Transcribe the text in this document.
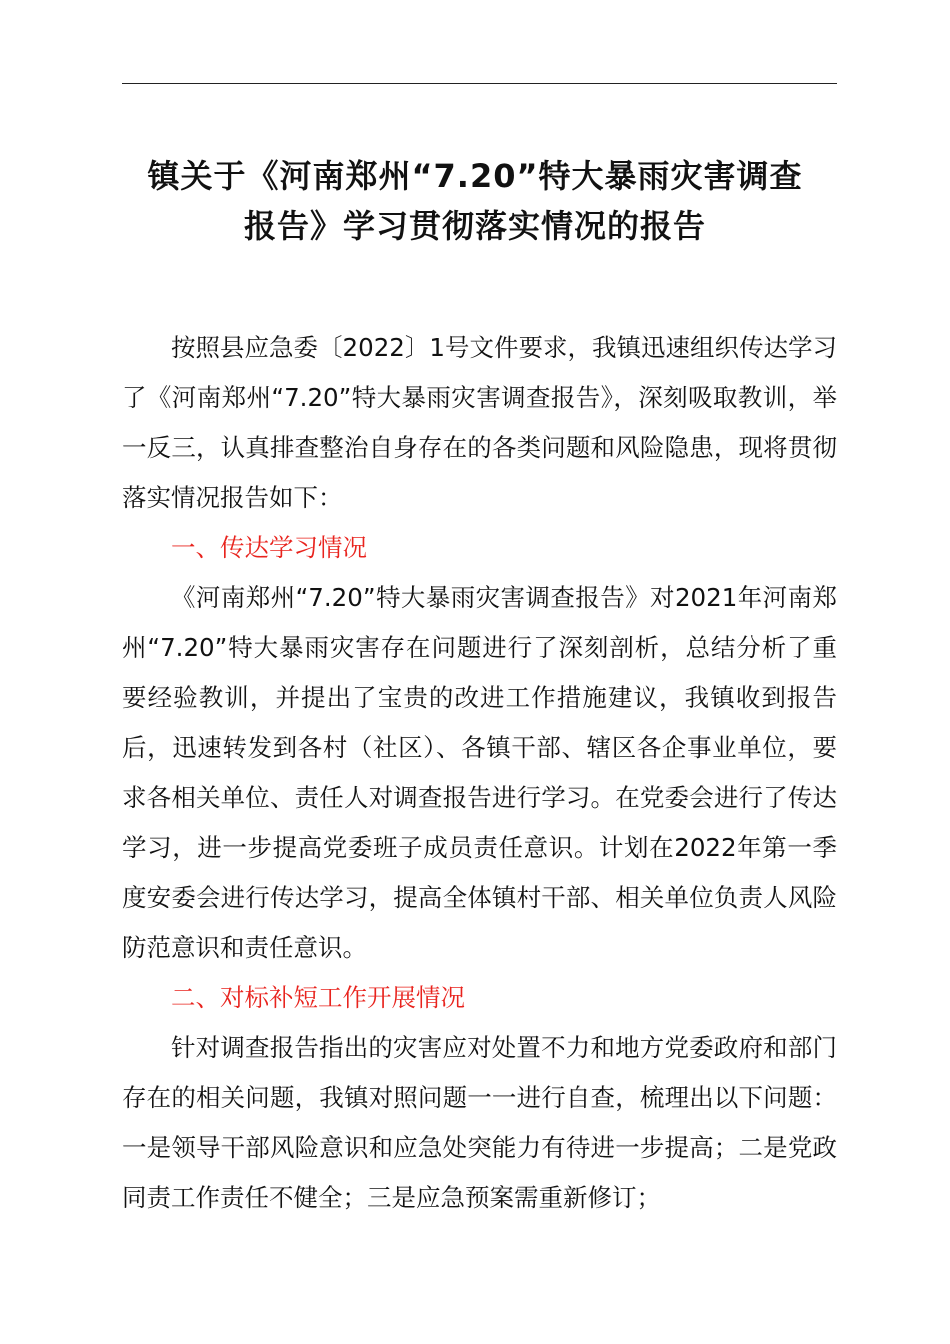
镇关于《河南郑州“7.20”特大暴雨灾害调查
报告》学习贯彻落实情况的报告

按照县应急委〔2022〕1号文件要求，我镇迅速组织传达学习了《河南郑州“7.20”特大暴雨灾害调查报告》，深刻吸取教训，举一反三，认真排查整治自身存在的各类问题和风险隐患，现将贯彻落实情况报告如下：

一、传达学习情况

《河南郑州“7.20”特大暴雨灾害调查报告》对2021年河南郑州“7.20”特大暴雨灾害存在问题进行了深刻剖析，总结分析了重要经验教训，并提出了宝贵的改进工作措施建议，我镇收到报告后，迅速转发到各村（社区）、各镇干部、辖区各企事业单位，要求各相关单位、责任人对调查报告进行学习。在党委会进行了传达学习，进一步提高党委班子成员责任意识。计划在2022年第一季度安委会进行传达学习，提高全体镇村干部、相关单位负责人风险防范意识和责任意识。

二、对标补短工作开展情况

针对调查报告指出的灾害应对处置不力和地方党委政府和部门存在的相关问题，我镇对照问题一一进行自查，梳理出以下问题：一是领导干部风险意识和应急处突能力有待进一步提高；二是党政同责工作责任不健全；三是应急预案需重新修订；
